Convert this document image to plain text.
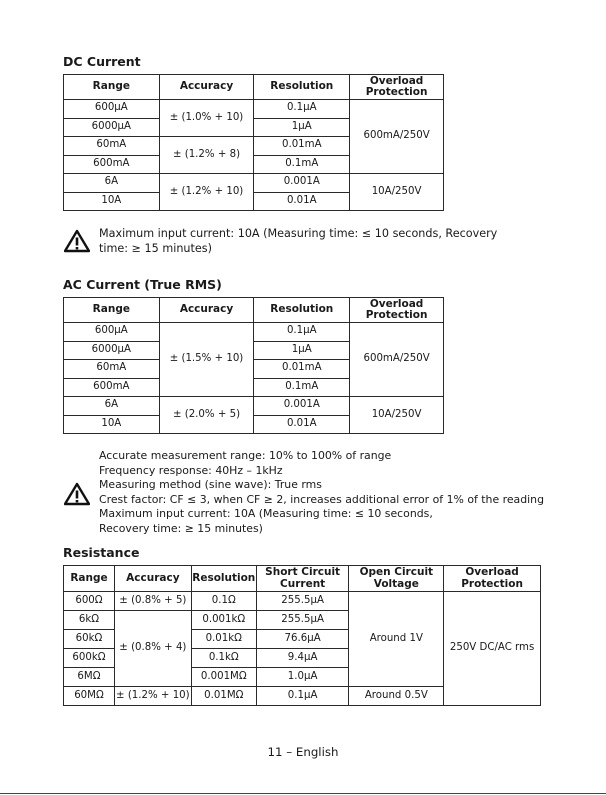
DC Current
Range	Accuracy	Resolution	Overload Protection
600μA	± (1.0% + 10)	0.1μA	600mA/250V
6000μA		1μA	
60mA	± (1.2% + 8)	0.01mA	
600mA		0.1mA	
6A	± (1.2% + 10)	0.001A	10A/250V
10A		0.01A	
Maximum input current: 10A (Measuring time: ≤ 10 seconds, Recovery
time: ≥ 15 minutes)
AC Current (True RMS)
Range	Accuracy	Resolution	Overload Protection
600μA	± (1.5% + 10)	0.1μA	600mA/250V
6000μA		1μA	
60mA		0.01mA	
600mA		0.1mA	
6A	± (2.0% + 5)	0.001A	10A/250V
10A		0.01A	
Accurate measurement range: 10% to 100% of range
Frequency response: 40Hz – 1kHz
Measuring method (sine wave): True rms
Crest factor: CF ≤ 3, when CF ≥ 2, increases additional error of 1% of the reading
Maximum input current: 10A (Measuring time: ≤ 10 seconds,
Recovery time: ≥ 15 minutes)
Resistance
Range	Accuracy	Resolution	Short Circuit Current	Open Circuit Voltage	Overload Protection
600Ω	± (0.8% + 5)	0.1Ω	255.5μA	Around 1V	250V DC/AC rms
6kΩ	± (0.8% + 4)	0.001kΩ	255.5μA		
60kΩ		0.01kΩ	76.6μA		
600kΩ		0.1kΩ	9.4μA		
6MΩ		0.001MΩ	1.0μA		
60MΩ	± (1.2% + 10)	0.01MΩ	0.1μA	Around 0.5V	
11 – English
